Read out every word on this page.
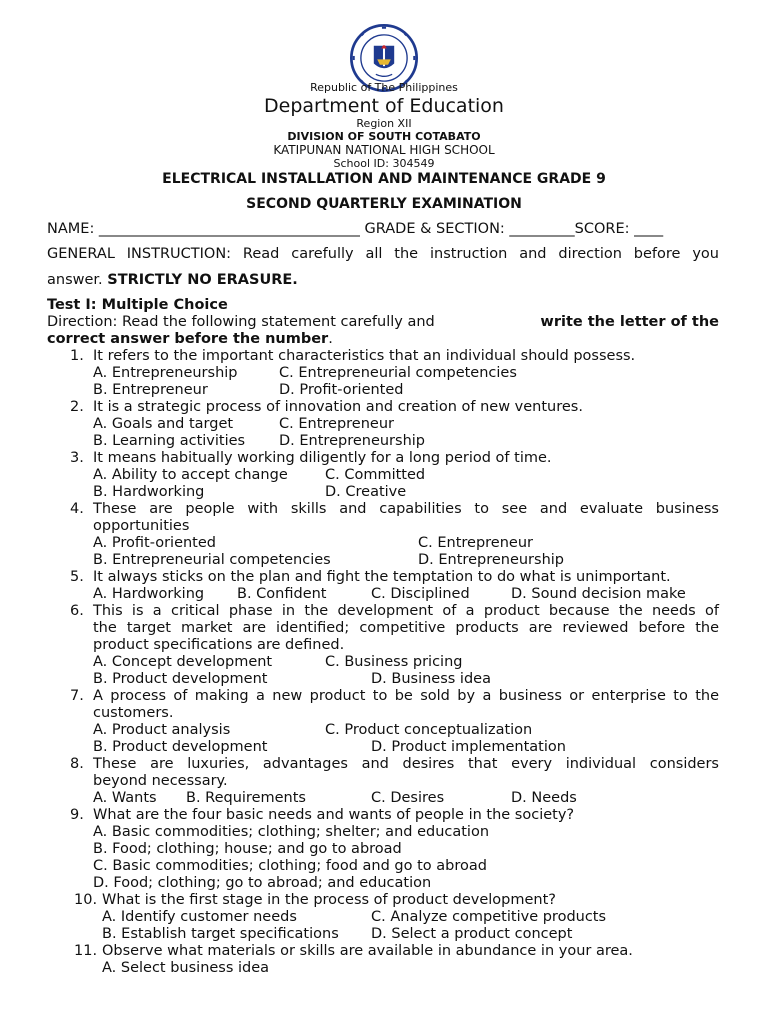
Republic of The Philippines
Department of Education
Region XII
DIVISION OF SOUTH COTABATO
KATIPUNAN NATIONAL HIGH SCHOOL
School ID: 304549
ELECTRICAL INSTALLATION AND MAINTENANCE GRADE 9
SECOND QUARTERLY EXAMINATION
NAME: ____________________________________ GRADE & SECTION: _________SCORE: ____
GENERAL INSTRUCTION: Read carefully all the instruction and direction before you
answer. STRICTLY NO ERASURE.
Test I: Multiple Choice
Direction: Read the following statement carefully and	write the letter of the
correct answer before the number.
1. It refers to the important characteristics that an individual should possess.
A. Entrepreneurship	C. Entrepreneurial competencies
B. Entrepreneur	D. Profit-oriented
2. It is a strategic process of innovation and creation of new ventures.
A. Goals and target	C. Entrepreneur
B. Learning activities D. Entrepreneurship
3. It means habitually working diligently for a long period of time.
A. Ability to accept change	C. Committed
B. Hardworking	D. Creative
4. These are people with skills and capabilities to see and evaluate business
opportunities
A. Profit-oriented	C. Entrepreneur
B. Entrepreneurial competencies	D. Entrepreneurship
5. It always sticks on the plan and fight the temptation to do what is unimportant.
A. Hardworking B. Confident	C. Disciplined	D. Sound decision make
6. This is a critical phase in the development of a product because the needs of
the target market are identified; competitive products are reviewed before the
product specifications are defined.
A. Concept development	C. Business pricing
B. Product development	D. Business idea
7. A process of making a new product to be sold by a business or enterprise to the
customers.
A. Product analysis	C. Product conceptualization
B. Product development	D. Product implementation
8. These are luxuries, advantages and desires that every individual considers
beyond necessary.
A. Wants B. Requirements	C. Desires	D. Needs
9. What are the four basic needs and wants of people in the society?
A. Basic commodities; clothing; shelter; and education
B. Food; clothing; house; and go to abroad
C. Basic commodities; clothing; food and go to abroad
D. Food; clothing; go to abroad; and education
10. What is the first stage in the process of product development?
A. Identify customer needs	C. Analyze competitive products
B. Establish target specifications D. Select a product concept
11. Observe what materials or skills are available in abundance in your area.
A. Select business idea
